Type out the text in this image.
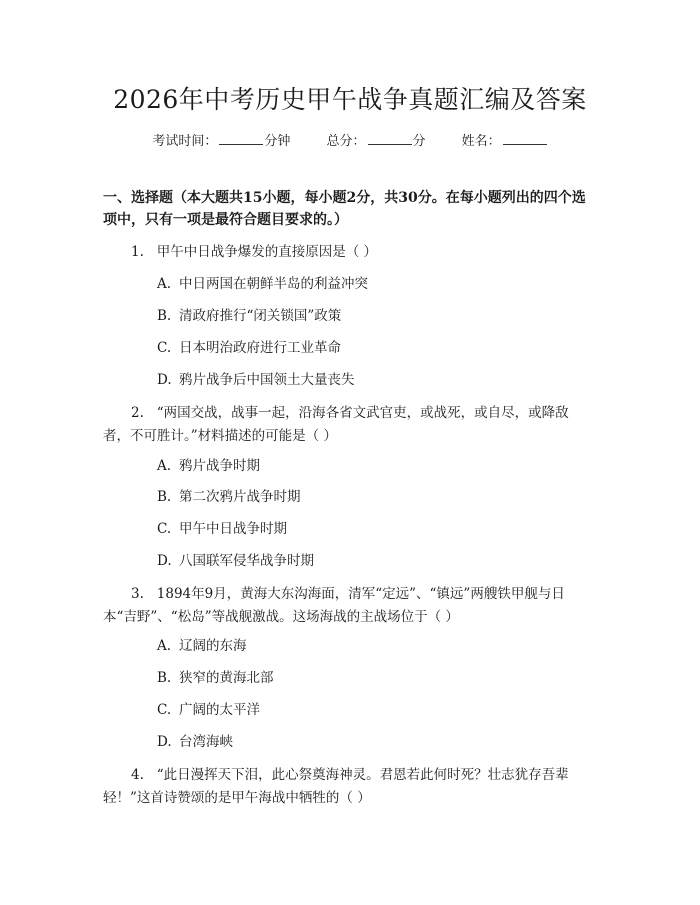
2026年中考历史甲午战争真题汇编及答案
考试时间：	分钟	总分：	分	姓名：
一、选择题（本大题共15小题，每小题2分，共30分。在每小题列出的四个选项中，只有一项是最符合题目要求的。）
1. 甲午中日战争爆发的直接原因是（ ）
A. 中日两国在朝鲜半岛的利益冲突
B. 清政府推行“闭关锁国”政策
C. 日本明治政府进行工业革命
D. 鸦片战争后中国领土大量丧失
2. “两国交战，战事一起，沿海各省文武官吏，或战死，或自尽，或降敌者，不可胜计。”材料描述的可能是（ ）
A. 鸦片战争时期
B. 第二次鸦片战争时期
C. 甲午中日战争时期
D. 八国联军侵华战争时期
3. 1894年9月，黄海大东沟海面，清军“定远”、“镇远”两艘铁甲舰与日本“吉野”、“松岛”等战舰激战。这场海战的主战场位于（ ）
A. 辽阔的东海
B. 狭窄的黄海北部
C. 广阔的太平洋
D. 台湾海峡
4. “此日漫挥天下泪，此心祭奠海神灵。君恩若此何时死？壮志犹存吾辈轻！”这首诗赞颂的是甲午海战中牺牲的（ ）
